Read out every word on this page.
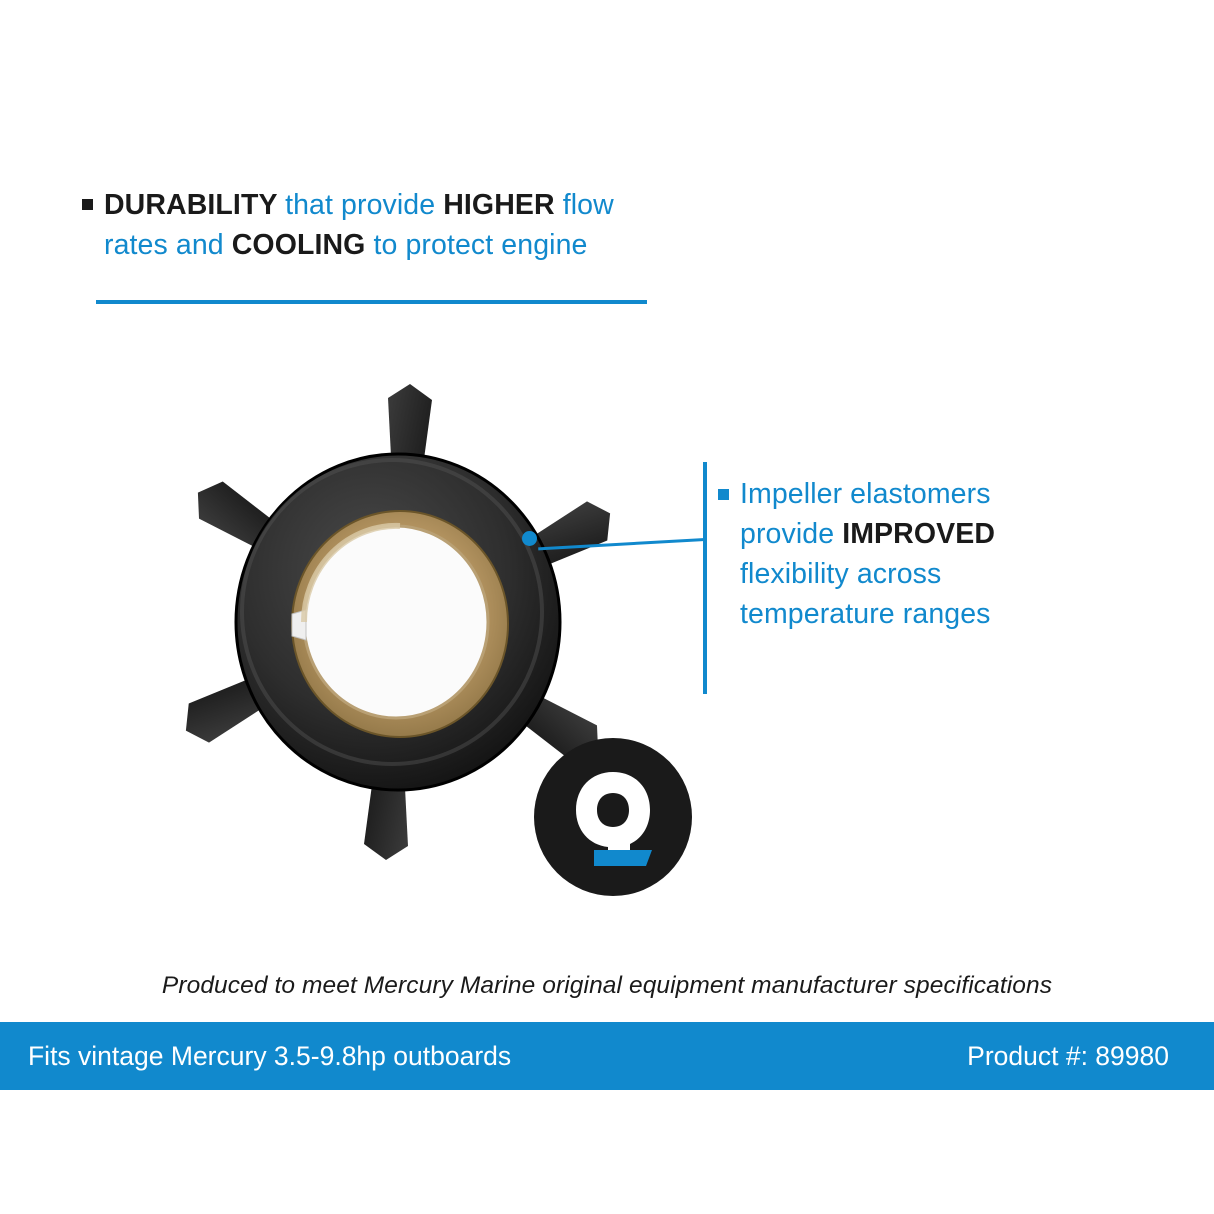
DURABILITY that provide HIGHER flow rates and COOLING to protect engine
Impeller elastomers provide IMPROVED flexibility across temperature ranges
Produced to meet Mercury Marine original equipment manufacturer specifications
Fits vintage Mercury 3.5-9.8hp outboards	Product #: 89980
